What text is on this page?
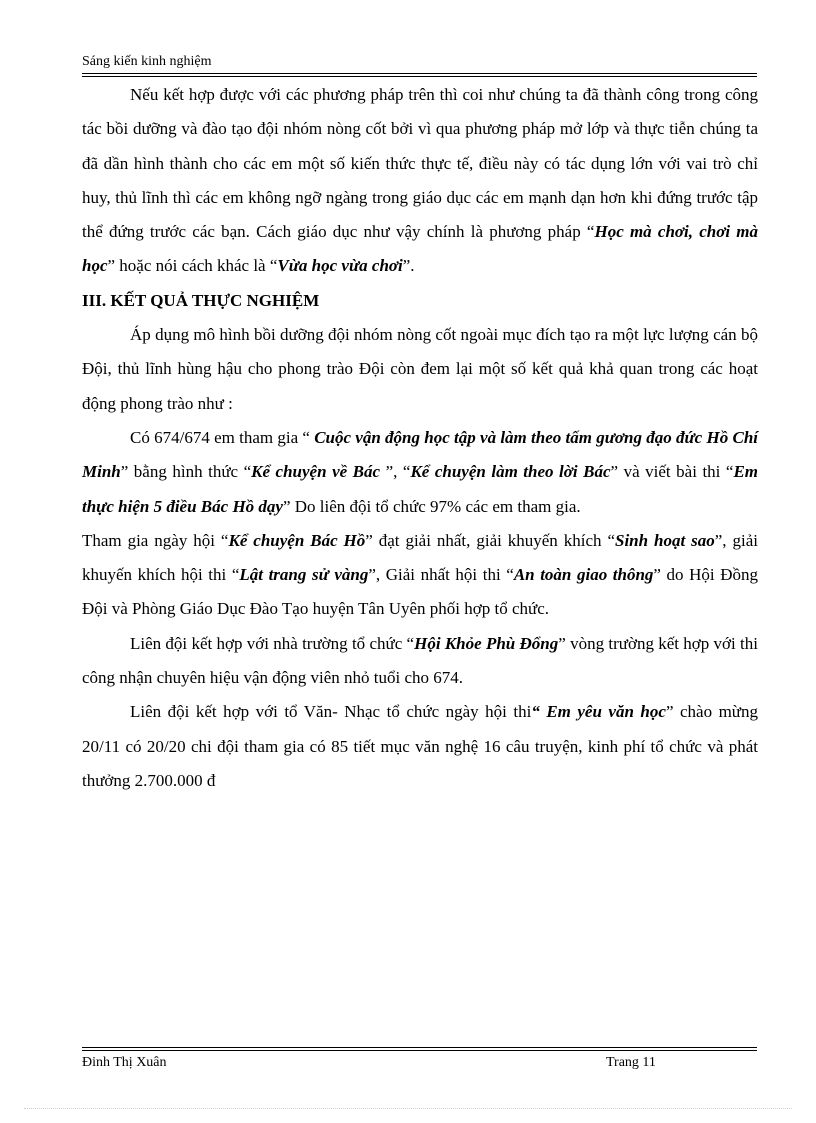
Sáng kiến kinh nghiệm

Nếu kết hợp được với các phương pháp trên thì coi như chúng ta đã thành công trong công tác bồi dưỡng và đào tạo đội nhóm nòng cốt bởi vì qua phương pháp mở lớp và thực tiễn chúng ta đã dần hình thành cho các em một số kiến thức thực tế, điều này có tác dụng lớn với vai trò chỉ huy, thủ lĩnh thì các em không ngỡ ngàng trong giáo dục các em mạnh dạn hơn khi đứng trước tập thể đứng trước các bạn. Cách giáo dục như vậy chính là phương pháp “Học mà chơi, chơi mà học” hoặc nói cách khác là “Vừa học vừa chơi”.

III. KẾT QUẢ THỰC NGHIỆM

Áp dụng mô hình bồi dưỡng đội nhóm nòng cốt ngoài mục đích tạo ra một lực lượng cán bộ Đội, thủ lĩnh hùng hậu cho phong trào Đội còn đem lại một số kết quả khả quan trong các hoạt động phong trào như :

Có 674/674 em tham gia “ Cuộc vận động học tập và làm theo tấm gương đạo đức Hồ Chí Minh” bằng hình thức “Kể chuyện về Bác ”, “Kể chuyện làm theo lời Bác” và viết bài thi “Em thực hiện 5 điều Bác Hồ dạy” Do liên đội tổ chức 97% các em tham gia.

Tham gia ngày hội “Kể chuyện Bác Hồ” đạt giải nhất, giải khuyến khích “Sinh hoạt sao”, giải khuyến khích hội thi “Lật trang sử vàng”, Giải nhất hội thi “An toàn giao thông” do Hội Đồng Đội và Phòng Giáo Dục Đào Tạo huyện Tân Uyên phối hợp tổ chức.

Liên đội kết hợp với nhà trường tổ chức “Hội Khỏe Phù Đổng” vòng trường kết hợp với thi công nhận chuyên hiệu vận động viên nhỏ tuổi cho 674.

Liên đội kết hợp với tổ Văn- Nhạc tổ chức ngày hội thi“ Em yêu văn học” chào mừng 20/11 có 20/20 chi đội tham gia có 85 tiết mục văn nghệ 16 câu truyện, kinh phí tổ chức và phát thưởng 2.700.000 đ

Đinh Thị Xuân	Trang 11
